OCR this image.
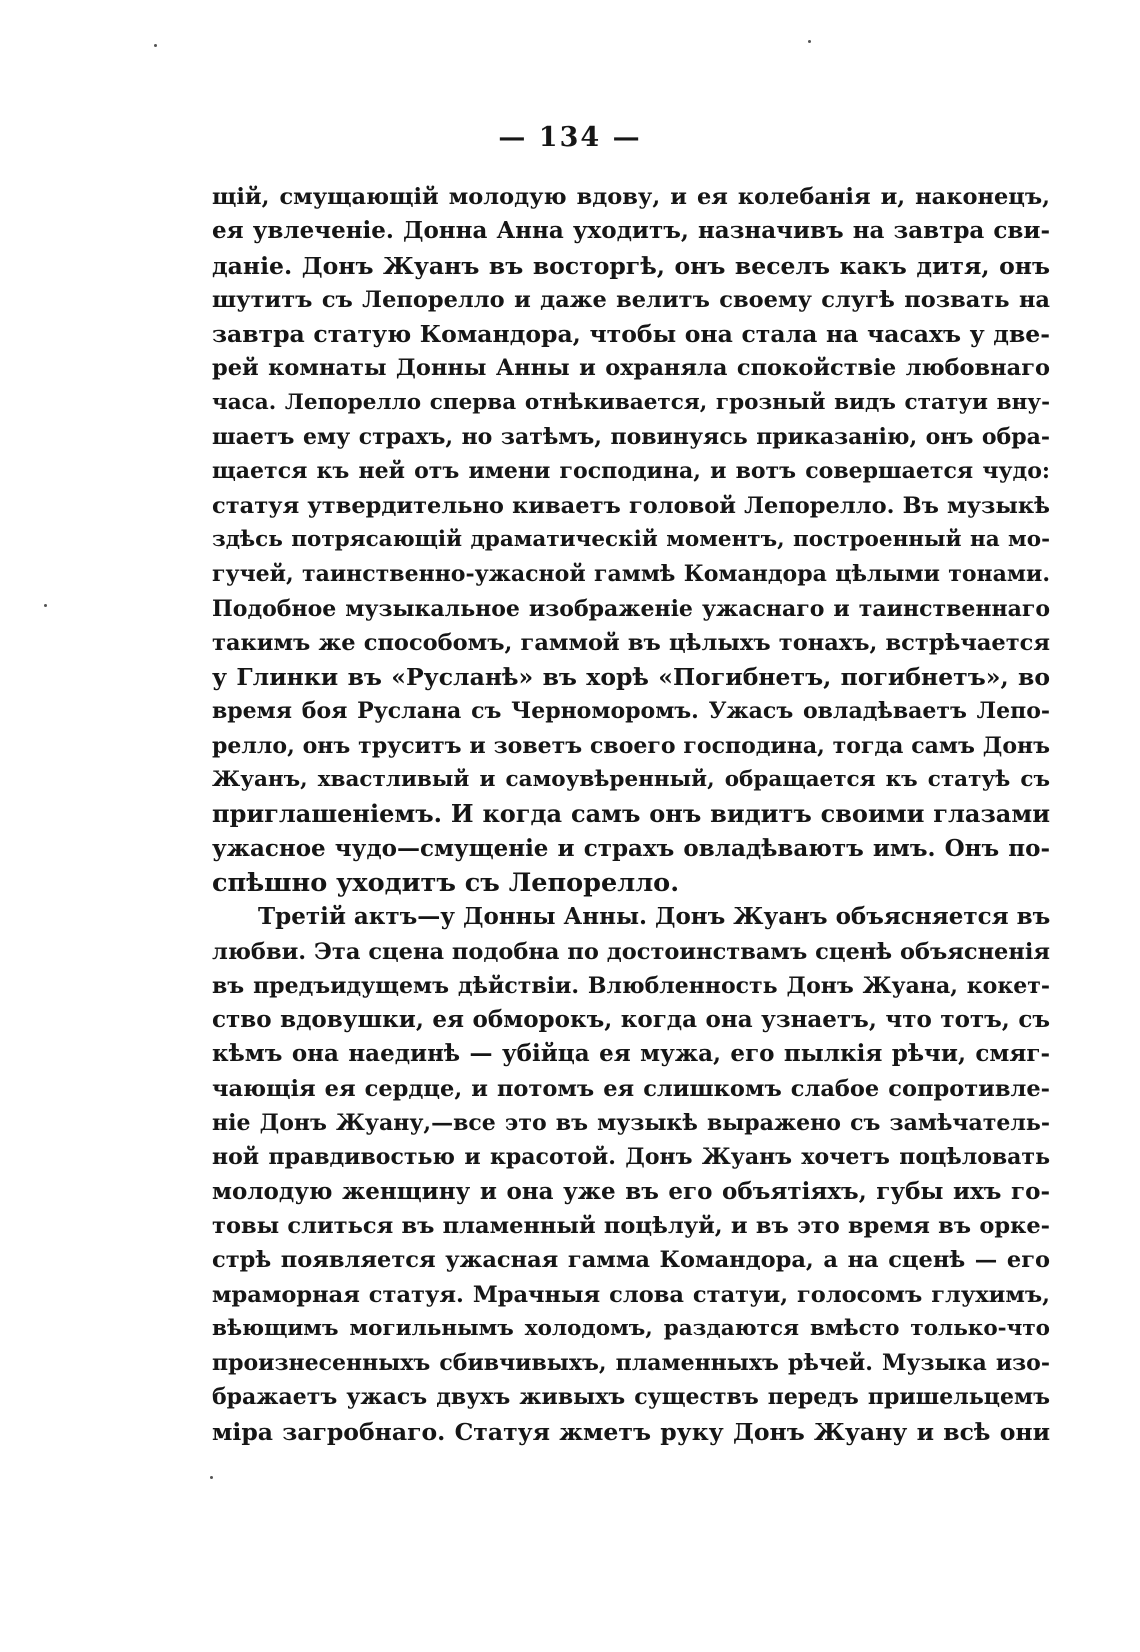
— 134 —
щій, смущающій молодую вдову, и ея колебанія и, наконецъ,
ея увлеченіе. Донна Анна уходитъ, назначивъ на завтра сви-
даніе. Донъ Жуанъ въ восторгѣ, онъ веселъ какъ дитя, онъ
шутитъ съ Лепорелло и даже велитъ своему слугѣ позвать на
завтра статую Командора, чтобы она стала на часахъ у две-
рей комнаты Донны Анны и охраняла спокойствіе любовнаго
часа. Лепорелло сперва отнѣкивается, грозный видъ статуи вну-
шаетъ ему страхъ, но затѣмъ, повинуясь приказанію, онъ обра-
щается къ ней отъ имени господина, и вотъ совершается чудо:
статуя утвердительно киваетъ головой Лепорелло. Въ музыкѣ
здѣсь потрясающій драматическій моментъ, построенный на мо-
гучей, таинственно-ужасной гаммѣ Командора цѣлыми тонами.
Подобное музыкальное изображеніе ужаснаго и таинственнаго
такимъ же способомъ, гаммой въ цѣлыхъ тонахъ, встрѣчается
у Глинки въ «Русланѣ» въ хорѣ «Погибнетъ, погибнетъ», во
время боя Руслана съ Черноморомъ. Ужасъ овладѣваетъ Лепо-
релло, онъ труситъ и зоветъ своего господина, тогда самъ Донъ
Жуанъ, хвастливый и самоувѣренный, обращается къ статуѣ съ
приглашеніемъ. И когда самъ онъ видитъ своими глазами
ужасное чудо—смущеніе и страхъ овладѣваютъ имъ. Онъ по-
спѣшно уходитъ съ Лепорелло.
Третій актъ—у Донны Анны. Донъ Жуанъ объясняется въ
любви. Эта сцена подобна по достоинствамъ сценѣ объясненія
въ предъидущемъ дѣйствіи. Влюбленность Донъ Жуана, кокет-
ство вдовушки, ея обморокъ, когда она узнаетъ, что тотъ, съ
кѣмъ она наединѣ — убійца ея мужа, его пылкія рѣчи, смяг-
чающія ея сердце, и потомъ ея слишкомъ слабое сопротивле-
ніе Донъ Жуану,—все это въ музыкѣ выражено съ замѣчатель-
ной правдивостью и красотой. Донъ Жуанъ хочетъ поцѣловать
молодую женщину и она уже въ его объятіяхъ, губы ихъ го-
товы слиться въ пламенный поцѣлуй, и въ это время въ орке-
стрѣ появляется ужасная гамма Командора, а на сценѣ — его
мраморная статуя. Мрачныя слова статуи, голосомъ глухимъ,
вѣющимъ могильнымъ холодомъ, раздаются вмѣсто только-что
произнесенныхъ сбивчивыхъ, пламенныхъ рѣчей. Музыка изо-
бражаетъ ужасъ двухъ живыхъ существъ передъ пришельцемъ
міра загробнаго. Статуя жметъ руку Донъ Жуану и всѣ они
